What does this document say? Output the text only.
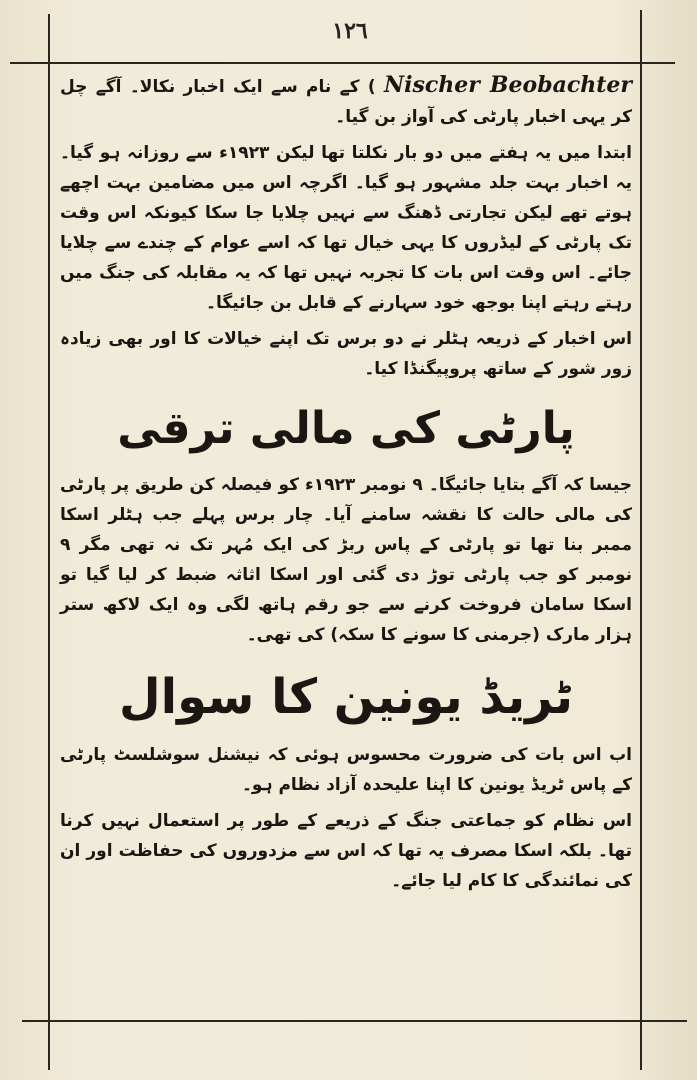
١٢٦

Nischer Beobachter ) کے نام سے ایک اخبار نکالا۔ آگے چل کر یہی اخبار پارٹی کی آواز بن گیا۔

ابتدا میں یہ ہفتے میں دو بار نکلتا تھا لیکن ۱۹۲۳ء سے روزانہ ہو گیا۔ یہ اخبار بہت جلد مشہور ہو گیا۔ اگرچہ اس میں مضامین بہت اچھے ہوتے تھے لیکن تجارتی ڈھنگ سے نہیں چلایا جا سکا کیونکہ اس وقت تک پارٹی کے لیڈروں کا یہی خیال تھا کہ اسے عوام کے چندے سے چلایا جائے۔ اس وقت اس بات کا تجربہ نہیں تھا کہ یہ مقابلہ کی جنگ میں رہتے رہتے اپنا بوجھ خود سہارنے کے قابل بن جائیگا۔

اس اخبار کے ذریعہ ہٹلر نے دو برس تک اپنے خیالات کا اور بھی زیادہ زور شور کے ساتھ پروپیگنڈا کیا۔

پارٹی کی مالی ترقی

جیسا کہ آگے بتایا جائیگا۔ ۹ نومبر ۱۹۲۳ء کو فیصلہ کن طریق پر پارٹی کی مالی حالت کا نقشہ سامنے آیا۔ چار برس پہلے جب ہٹلر اسکا ممبر بنا تھا تو پارٹی کے پاس ربڑ کی ایک مُہر تک نہ تھی مگر ۹ نومبر کو جب پارٹی توڑ دی گئی اور اسکا اثاثہ ضبط کر لیا گیا تو اسکا سامان فروخت کرنے سے جو رقم ہاتھ لگی وہ ایک لاکھ ستر ہزار مارک (جرمنی کا سونے کا سکہ) کی تھی۔

ٹریڈ یونین کا سوال

اب اس بات کی ضرورت محسوس ہوئی کہ نیشنل سوشلسٹ پارٹی کے پاس ٹریڈ یونین کا اپنا علیحدہ آزاد نظام ہو۔

اس نظام کو جماعتی جنگ کے ذریعے کے طور پر استعمال نہیں کرنا تھا۔ بلکہ اسکا مصرف یہ تھا کہ اس سے مزدوروں کی حفاظت اور ان کی نمائندگی کا کام لیا جائے۔
